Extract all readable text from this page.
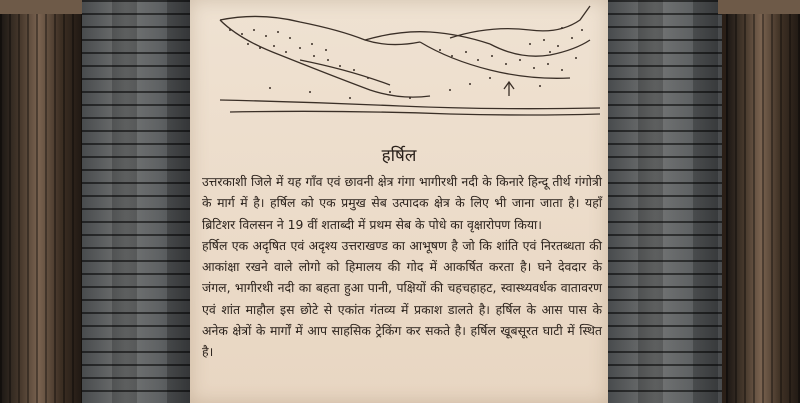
हर्षिल

उत्तरकाशी जिले में यह गाँव एवं छावनी क्षेत्र गंगा भागीरथी नदी के किनारे हिन्दू तीर्थ गंगोत्री के मार्ग में है। हर्षिल को एक प्रमुख सेब उत्पादक क्षेत्र के लिए भी जाना जाता है। यहाँ ब्रिटिशर विलसन ने 19 वीं शताब्दी में प्रथम सेब के पोधे का वृक्षारोपण किया।

हर्षिल एक अदृषित एवं अदृश्य उत्तराखण्ड का आभूषण है जो कि शांति एवं निरतब्धता की आकांक्षा रखने वाले लोगो को हिमालय की गोद में आकर्षित करता है। घने देवदार के जंगल, भागीरथी नदी का बहता हुआ पानी, पक्षियों की चहचहाहट, स्वास्थ्यवर्धक वातावरण एवं शांत माहौल इस छोटे से एकांत गंतव्य में प्रकाश डालते है। हर्षिल के आस पास के अनेक क्षेत्रों के मार्गों में आप साहसिक ट्रेकिंग कर सकते है। हर्षिल खूबसूरत घाटी में स्थित है।
